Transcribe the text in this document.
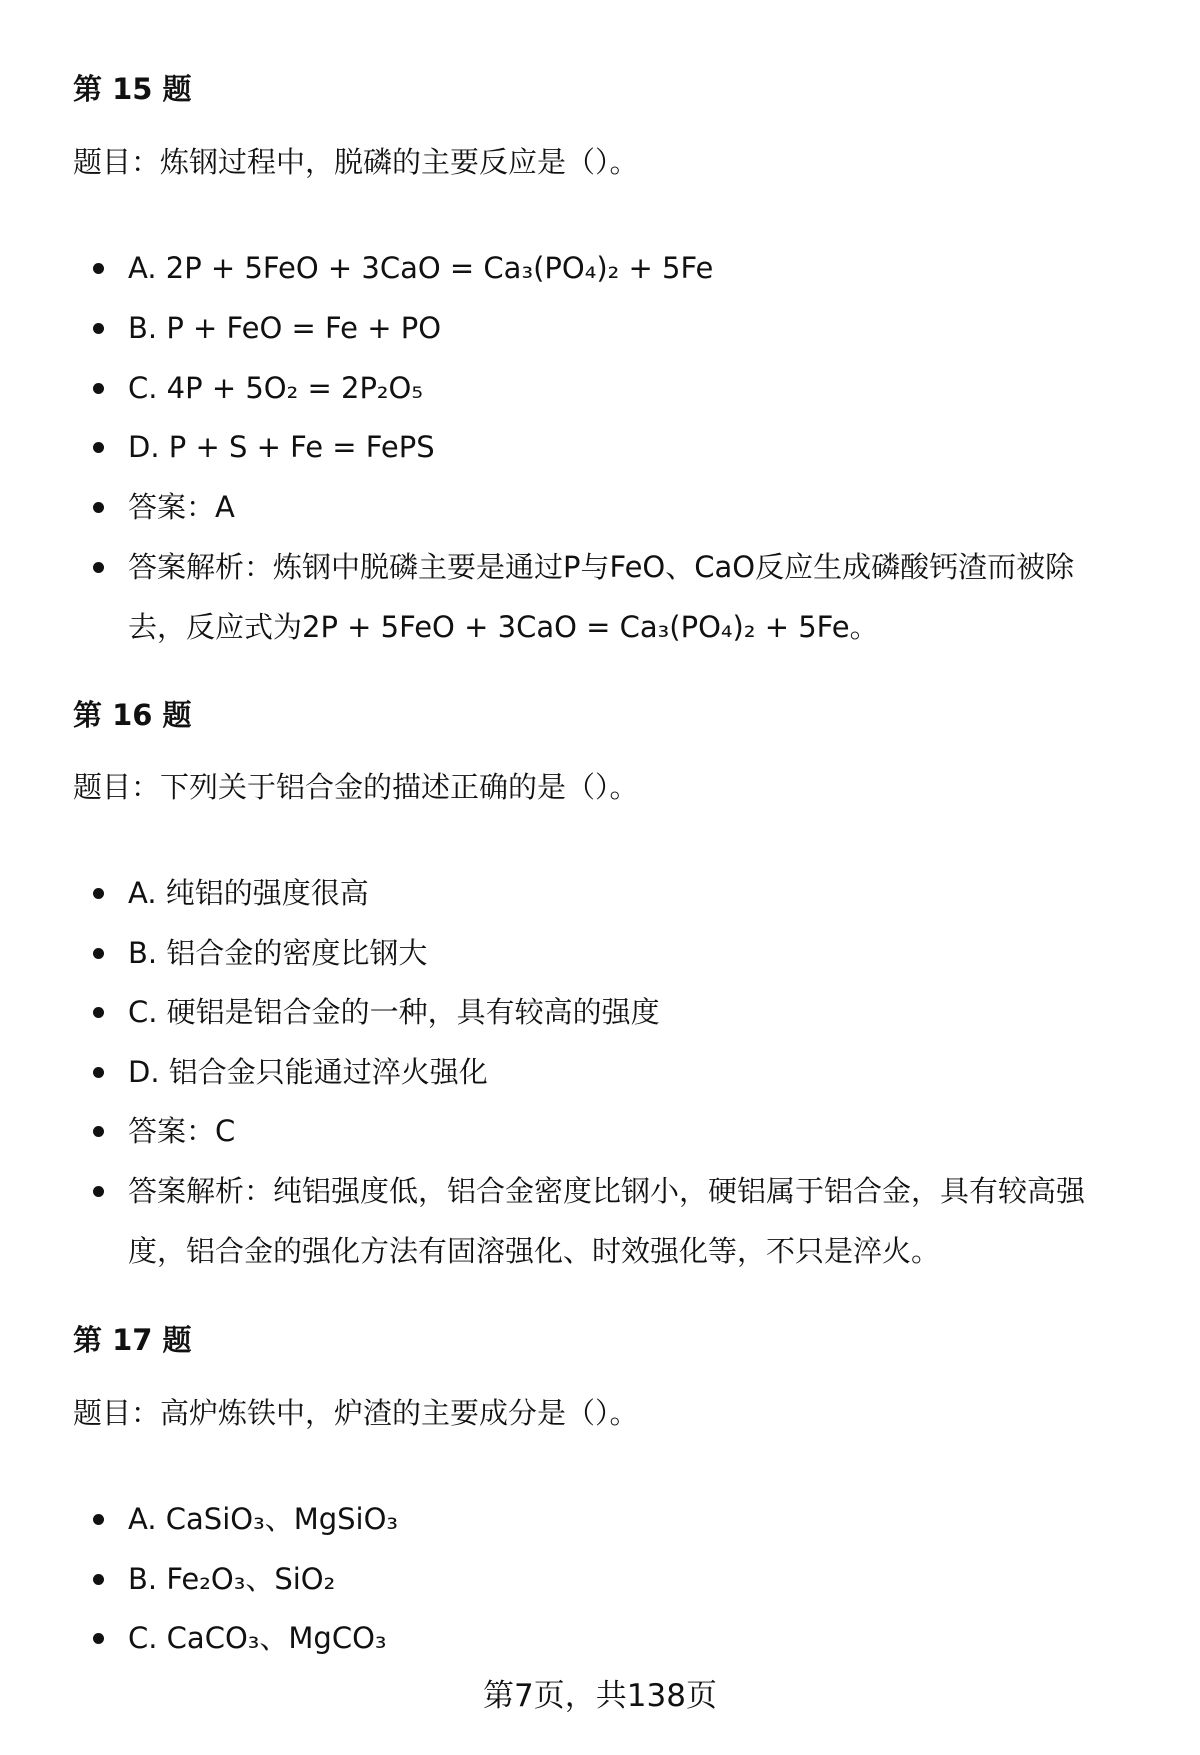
第 15 题
题目：炼钢过程中，脱磷的主要反应是（）。
A. 2P + 5FeO + 3CaO = Ca₃(PO₄)₂ + 5Fe
B. P + FeO = Fe + PO
C. 4P + 5O₂ = 2P₂O₅
D. P + S + Fe = FePS
答案：A
答案解析：炼钢中脱磷主要是通过P与FeO、CaO反应生成磷酸钙渣而被除去，反应式为2P + 5FeO + 3CaO = Ca₃(PO₄)₂ + 5Fe。
第 16 题
题目：下列关于铝合金的描述正确的是（）。
A. 纯铝的强度很高
B. 铝合金的密度比钢大
C. 硬铝是铝合金的一种，具有较高的强度
D. 铝合金只能通过淬火强化
答案：C
答案解析：纯铝强度低，铝合金密度比钢小，硬铝属于铝合金，具有较高强度，铝合金的强化方法有固溶强化、时效强化等，不只是淬火。
第 17 题
题目：高炉炼铁中，炉渣的主要成分是（）。
A. CaSiO₃、MgSiO₃
B. Fe₂O₃、SiO₂
C. CaCO₃、MgCO₃
第7页，共138页
